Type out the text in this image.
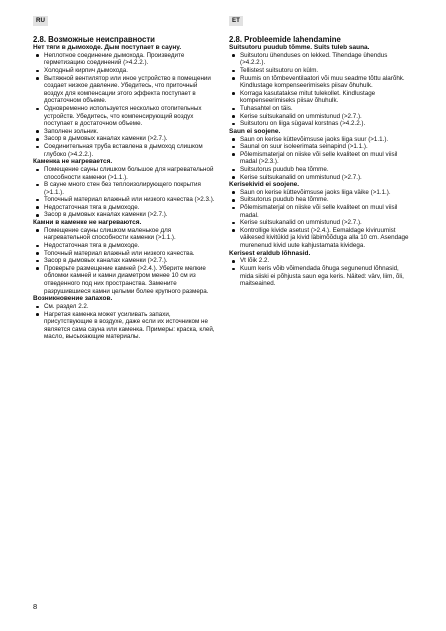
RU	ET
2.8. Возможные неисправности
Нет тяги в дымоходе. Дым поступает в сауну.
Неплотное соединение дымохода. Произведите герметизацию соединений (>4.2.2.).
Холодный кирпич дымохода.
Вытяжной вентилятор или иное устройство в помещении создает низкое давление. Убедитесь, что приточный воздух для компенсации этого эффекта поступает в достаточном объеме.
Одновременно используется несколько отопительных устройств. Убедитесь, что компенсирующий воздух поступает в достаточном объеме.
Заполнен зольник.
Засор в дымовых каналах каменки (>2.7.).
Соединительная труба вставлена в дымоход слишком глубоко (>4.2.2.).
Каменка не нагревается.
Помещение сауны слишком большое для нагревательной способности каменки (>1.1.).
В сауне много стен без теплоизолирующего покрытия (>1.1.).
Топочный материал влажный или низкого качества (>2.3.).
Недостаточная тяга в дымоходе.
Засор в дымовых каналах каменки (>2.7.).
Камни в каменке не нагреваются.
Помещение сауны слишком маленькое для нагревательной способности каменки (>1.1.).
Недостаточная тяга в дымоходе.
Топочный материал влажный или низкого качества.
Засор в дымовых каналах каменки (>2.7.).
Проверьте размещение камней (>2.4.). Уберите мелкие обломки камней и камни диаметром менее 10 см из отведенного под них пространства. Замените разрушившиеся камни целыми более крупного размера.
Возникновение запахов.
См. раздел 2.2.
Нагретая каменка может усиливать запахи, присутствующие в воздухе, даже если их источником не является сама сауна или каменка. Примеры: краска, клей, масло, высыхающие материалы.
2.8. Probleemide lahendamine
Suitsutoru puudub tõmme. Suits tuleb sauna.
Suitsutoru ühenduses on lekked. Tihendage ühendus (>4.2.2.).
Tellistest suitsutoru on külm.
Ruumis on tõmbeventilaatori või muu seadme tõttu alarõhk. Kindlustage kompenseerimiseks piisav õhuhulk.
Korraga kasutatakse mitut tulekollet. Kindlustage kompenseerimiseks piisav õhuhulk.
Tuhasahtel on täis.
Kerise suitsukanalid on ummistunud (>2.7.).
Suitsutoru on liiga sügaval korstnas (>4.2.2.).
Saun ei soojene.
Saun on kerise küttevõimsuse jaoks liiga suur (>1.1.).
Saunal on suur isoleerimata seinapind (>1.1.).
Põlemismaterjal on niiske või selle kvaliteet on muul viisil madal (>2.3.).
Suitsutorus puudub hea tõmme.
Kerise suitsukanalid on ummistunud (>2.7.).
Kerisekivid ei soojene.
Saun on kerise küttevõimsuse jaoks liiga väike (>1.1.).
Suitsutorus puudub hea tõmme.
Põlemismaterjal on niiske või selle kvaliteet on muul viisil madal.
Kerise suitsukanalid on ummistunud (>2.7.).
Kontrollige kivide asetust (>2.4.). Eemaldage kiviruumist väikesed kivitükid ja kivid läbimõõduga alla 10 cm. Asendage murenenud kivid uute kahjustamata kividega.
Kerisest eraldub lõhnasid.
Vt lõik 2.2.
Kuum keris võib võimendada õhuga segunenud lõhnasid, mida siiski ei põhjusta saun ega keris. Näited: värv, liim, õli, maitseained.
8
